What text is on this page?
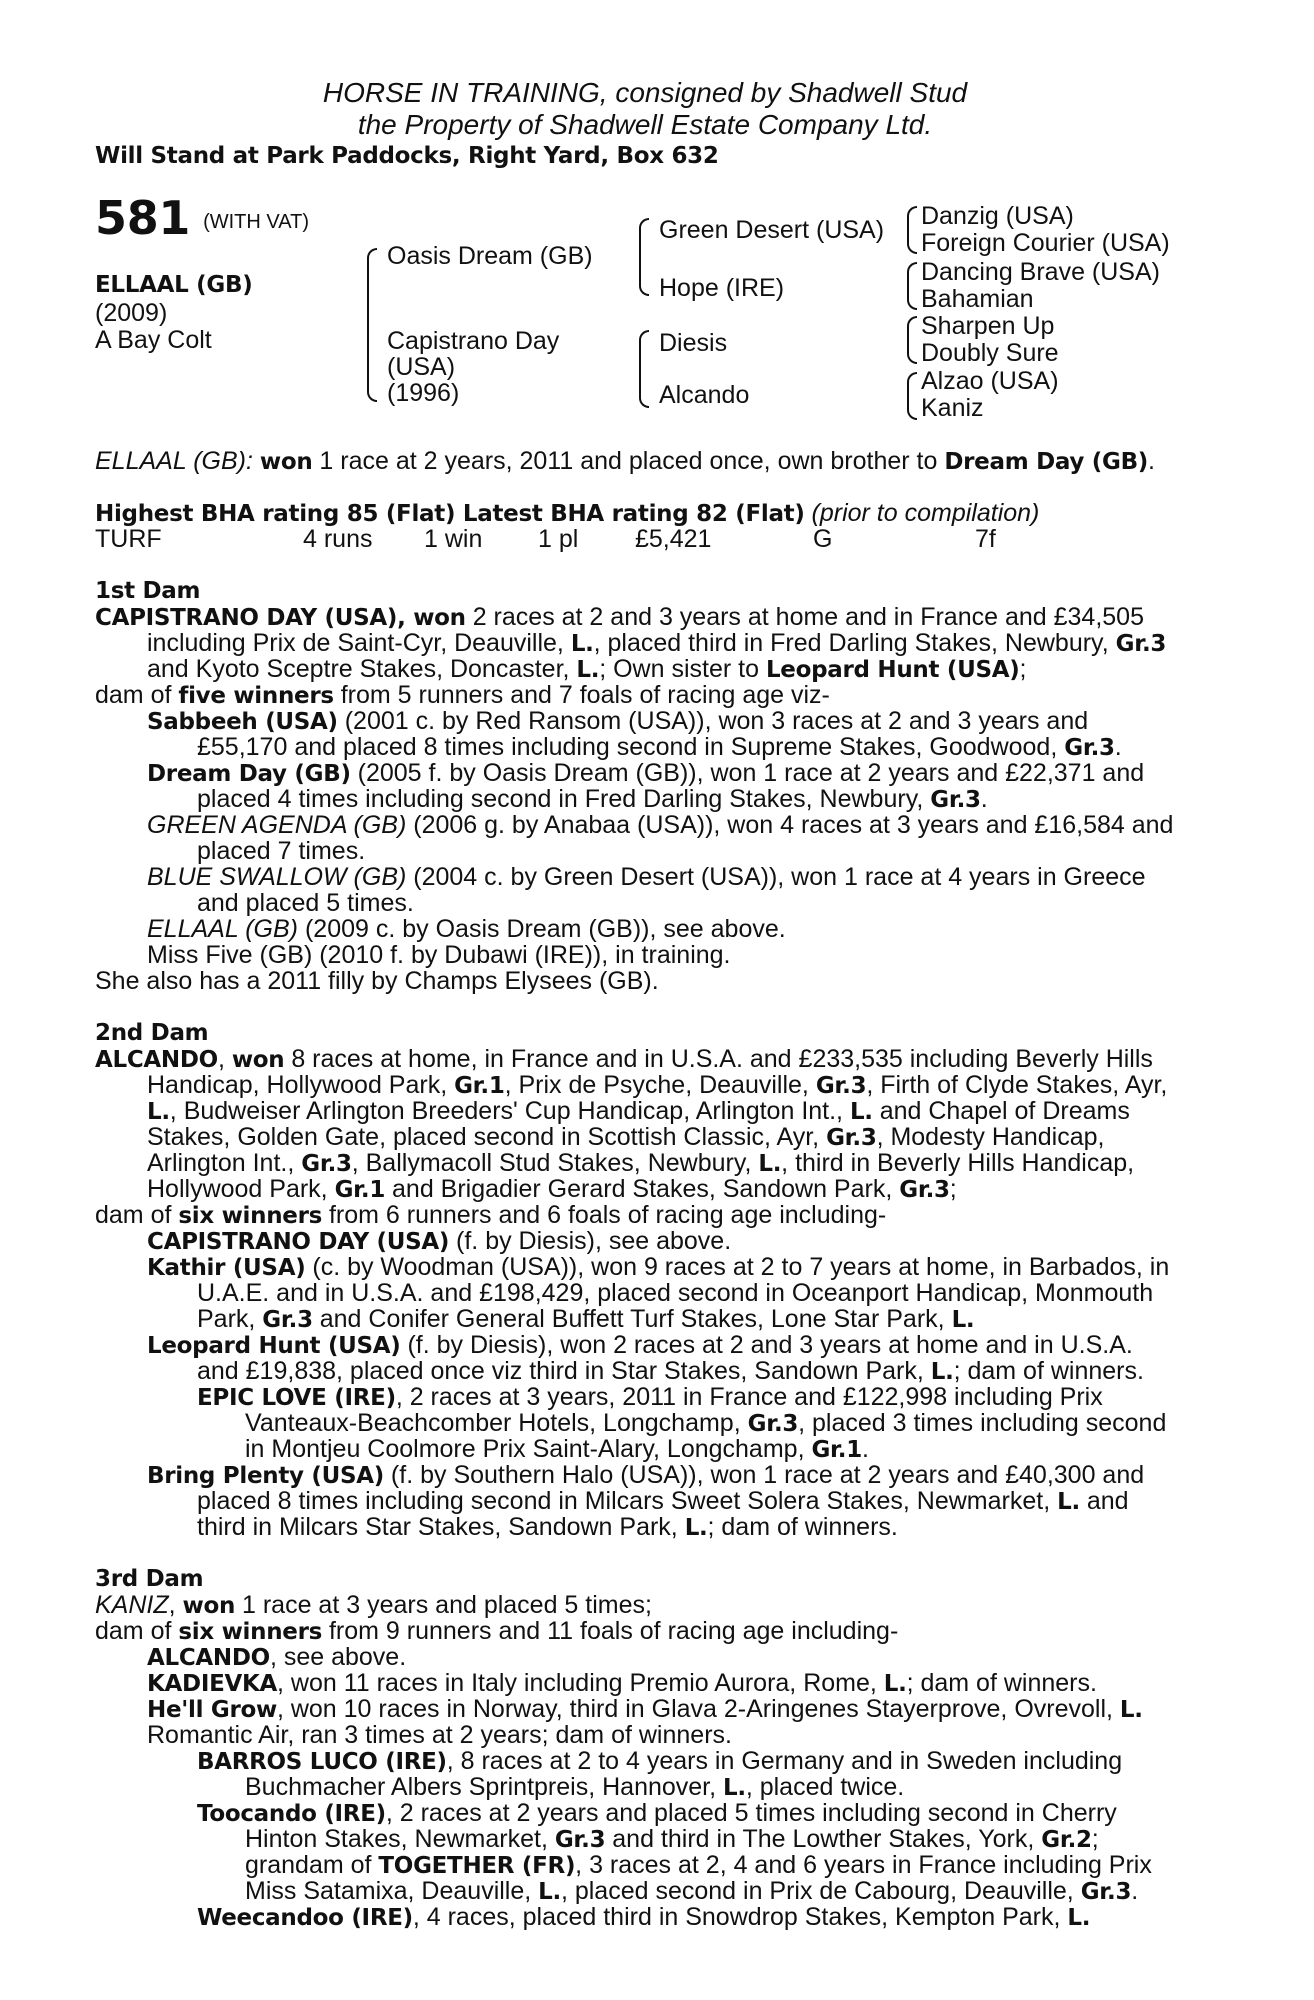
HORSE IN TRAINING, consigned by Shadwell Stud
the Property of Shadwell Estate Company Ltd.
Will Stand at Park Paddocks, Right Yard, Box 632
581 $^{(WITH VAT)}$
ELLAAL (GB)
(2009)
A Bay Colt
Oasis Dream (GB)
Capistrano Day
(USA)
(1996)
Green Desert (USA)
Hope (IRE)
Diesis
Alcando
Danzig (USA)
Foreign Courier (USA)
Dancing Brave (USA)
Bahamian
Sharpen Up
Doubly Sure
Alzao (USA)
Kaniz
ELLAAL (GB): won 1 race at 2 years, 2011 and placed once, own brother to Dream Day (GB).
Highest BHA rating 85 (Flat) Latest BHA rating 82 (Flat) (prior to compilation)
TURF	4 runs 1 win 1 pl £5,421	G	7f
1st Dam
CAPISTRANO DAY (USA), won 2 races at 2 and 3 years at home and in France and £34,505
including Prix de Saint-Cyr, Deauville, L., placed third in Fred Darling Stakes, Newbury, Gr.3
and Kyoto Sceptre Stakes, Doncaster, L.; Own sister to Leopard Hunt (USA);
dam of five winners from 5 runners and 7 foals of racing age viz-
Sabbeeh (USA) (2001 c. by Red Ransom (USA)), won 3 races at 2 and 3 years and
£55,170 and placed 8 times including second in Supreme Stakes, Goodwood, Gr.3.
Dream Day (GB) (2005 f. by Oasis Dream (GB)), won 1 race at 2 years and £22,371 and
placed 4 times including second in Fred Darling Stakes, Newbury, Gr.3.
GREEN AGENDA (GB) (2006 g. by Anabaa (USA)), won 4 races at 3 years and £16,584 and
placed 7 times.
BLUE SWALLOW (GB) (2004 c. by Green Desert (USA)), won 1 race at 4 years in Greece
and placed 5 times.
ELLAAL (GB) (2009 c. by Oasis Dream (GB)), see above.
Miss Five (GB) (2010 f. by Dubawi (IRE)), in training.
She also has a 2011 filly by Champs Elysees (GB).
2nd Dam
ALCANDO, won 8 races at home, in France and in U.S.A. and £233,535 including Beverly Hills
Handicap, Hollywood Park, Gr.1, Prix de Psyche, Deauville, Gr.3, Firth of Clyde Stakes, Ayr,
L., Budweiser Arlington Breeders' Cup Handicap, Arlington Int., L. and Chapel of Dreams
Stakes, Golden Gate, placed second in Scottish Classic, Ayr, Gr.3, Modesty Handicap,
Arlington Int., Gr.3, Ballymacoll Stud Stakes, Newbury, L., third in Beverly Hills Handicap,
Hollywood Park, Gr.1 and Brigadier Gerard Stakes, Sandown Park, Gr.3;
dam of six winners from 6 runners and 6 foals of racing age including-
CAPISTRANO DAY (USA) (f. by Diesis), see above.
Kathir (USA) (c. by Woodman (USA)), won 9 races at 2 to 7 years at home, in Barbados, in
U.A.E. and in U.S.A. and £198,429, placed second in Oceanport Handicap, Monmouth
Park, Gr.3 and Conifer General Buffett Turf Stakes, Lone Star Park, L.
Leopard Hunt (USA) (f. by Diesis), won 2 races at 2 and 3 years at home and in U.S.A.
and £19,838, placed once viz third in Star Stakes, Sandown Park, L.; dam of winners.
EPIC LOVE (IRE), 2 races at 3 years, 2011 in France and £122,998 including Prix
Vanteaux-Beachcomber Hotels, Longchamp, Gr.3, placed 3 times including second
in Montjeu Coolmore Prix Saint-Alary, Longchamp, Gr.1.
Bring Plenty (USA) (f. by Southern Halo (USA)), won 1 race at 2 years and £40,300 and
placed 8 times including second in Milcars Sweet Solera Stakes, Newmarket, L. and
third in Milcars Star Stakes, Sandown Park, L.; dam of winners.
3rd Dam
KANIZ, won 1 race at 3 years and placed 5 times;
dam of six winners from 9 runners and 11 foals of racing age including-
ALCANDO, see above.
KADIEVKA, won 11 races in Italy including Premio Aurora, Rome, L.; dam of winners.
He'll Grow, won 10 races in Norway, third in Glava 2-Aringenes Stayerprove, Ovrevoll, L.
Romantic Air, ran 3 times at 2 years; dam of winners.
BARROS LUCO (IRE), 8 races at 2 to 4 years in Germany and in Sweden including
Buchmacher Albers Sprintpreis, Hannover, L., placed twice.
Toocando (IRE), 2 races at 2 years and placed 5 times including second in Cherry
Hinton Stakes, Newmarket, Gr.3 and third in The Lowther Stakes, York, Gr.2;
grandam of TOGETHER (FR), 3 races at 2, 4 and 6 years in France including Prix
Miss Satamixa, Deauville, L., placed second in Prix de Cabourg, Deauville, Gr.3.
Weecandoo (IRE), 4 races, placed third in Snowdrop Stakes, Kempton Park, L.
